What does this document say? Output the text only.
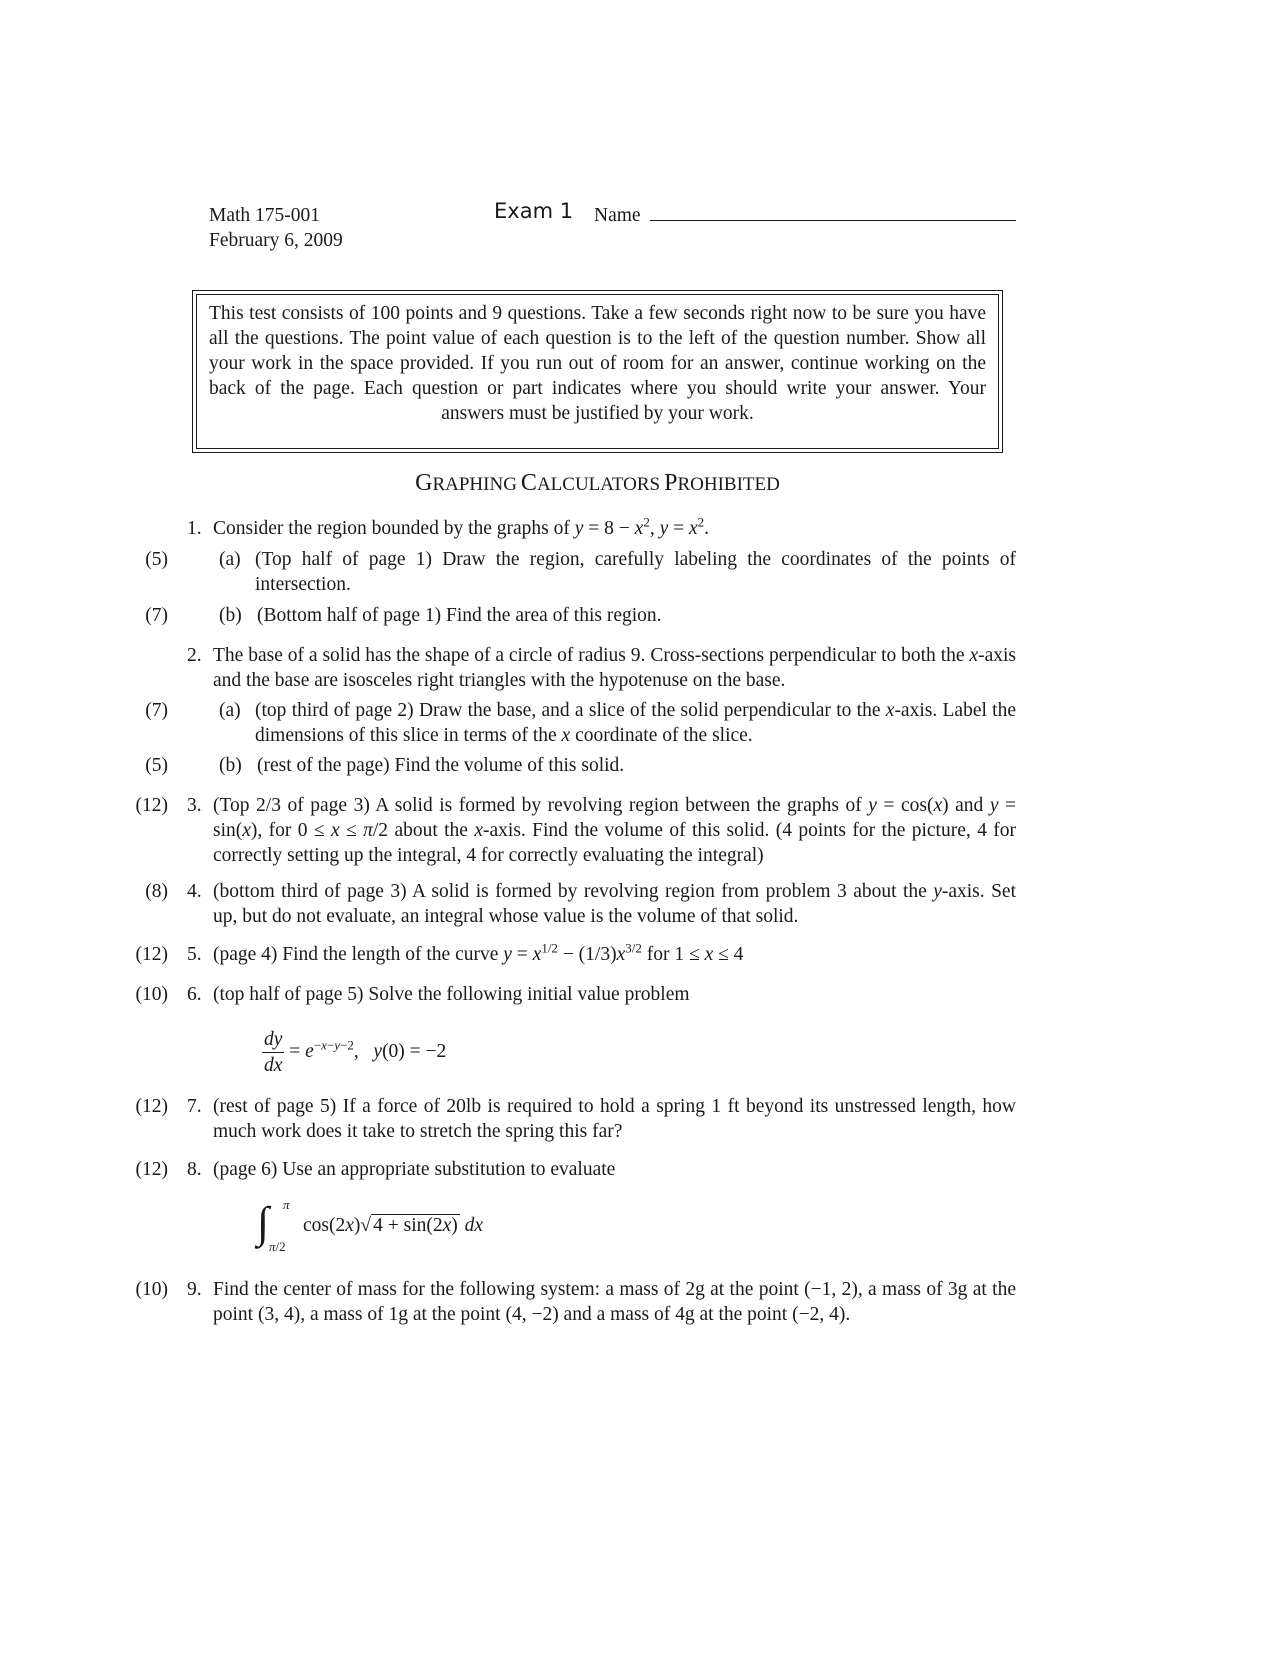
Math 175-001
February 6, 2009
Exam 1 Name
This test consists of 100 points and 9 questions. Take a few seconds right now to be sure you have all the questions. The point value of each question is to the left of the question number. Show all your work in the space provided. If you run out of room for an answer, continue working on the back of the page. Each question or part indicates where you should write your answer. Your answers must be justified by your work.
GRAPHING CALCULATORS PROHIBITED
1. Consider the region bounded by the graphs of $y = 8 - x^2$, $y = x^2$.
(5)	(a) (Top half of page 1) Draw the region, carefully labeling the coordinates of the points of intersection.
(7)	(b) (Bottom half of page 1) Find the area of this region.
2. The base of a solid has the shape of a circle of radius 9. Cross-sections perpendicular to both the x-axis and the base are isosceles right triangles with the hypotenuse on the base.
(7)	(a) (top third of page 2) Draw the base, and a slice of the solid perpendicular to the x-axis. Label the dimensions of this slice in terms of the x coordinate of the slice.
(5)	(b) (rest of the page) Find the volume of this solid.
(12) 3. (Top 2/3 of page 3) A solid is formed by revolving region between the graphs of y = cos(x) and y = sin(x), for 0 ≤ x ≤ π/2 about the x-axis. Find the volume of this solid. (4 points for the picture, 4 for correctly setting up the integral, 4 for correctly evaluating the integral)
(8) 4. (bottom third of page 3) A solid is formed by revolving region from problem 3 about the y-axis. Set up, but do not evaluate, an integral whose value is the volume of that solid.
(12) 5. (page 4) Find the length of the curve $y = x^{1/2} - (1/3)x^{3/2}$ for 1 ≤ x ≤ 4
(10) 6. (top half of page 5) Solve the following initial value problem
$\frac{dy}{dx} = e^{-x-y-2}$,   y(0) = −2
(12) 7. (rest of page 5) If a force of 20lb is required to hold a spring 1 ft beyond its unstressed length, how much work does it take to stretch the spring this far?
(12) 8. (page 6) Use an appropriate substitution to evaluate
∫ π
π/2
cos(2x)√ 4 + sin(2x) dx
(10) 9. Find the center of mass for the following system: a mass of 2g at the point (−1, 2), a mass of 3g at the point (3, 4), a mass of 1g at the point (4, −2) and a mass of 4g at the point (−2, 4).
